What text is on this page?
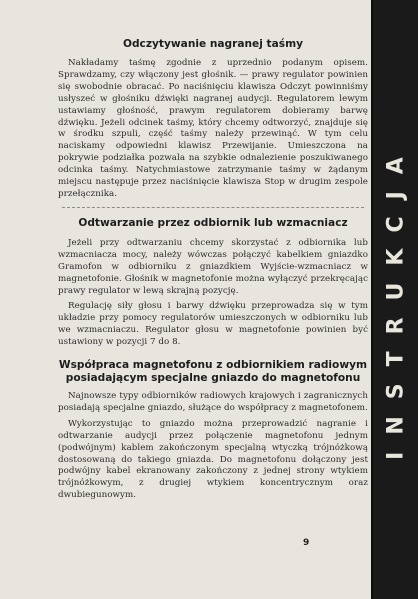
Odczytywanie nagranej taśmy

Nakładamy taśmę zgodnie z uprzednio podanym opisem. Sprawdzamy, czy włączony jest głośnik. — prawy regulator powinien się swobodnie obracać. Po naciśnięciu klawisza Odczyt powinniśmy usłyszeć w głośniku dźwięki nagranej audycji. Regulatorem lewym ustawiamy głośność, prawym regulatorem dobieramy barwę dźwięku. Jeżeli odcinek taśmy, który chcemy odtworzyć, znajduje się w środku szpuli, część taśmy należy przewinąć. W tym celu naciskamy odpowiedni klawisz Przewijanie. Umieszczona na pokrywie podziałka pozwala na szybkie odnalezienie poszukiwanego odcinka taśmy. Natychmiastowe zatrzymanie taśmy w żądanym miejscu następuje przez naciśnięcie klawisza Stop w drugim zespole przełącznika.

Odtwarzanie przez odbiornik lub wzmacniacz

Jeżeli przy odtwarzaniu chcemy skorzystać z odbiornika lub wzmacniacza mocy, należy wówczas połączyć kabelkiem gniazdko Gramofon w odbiorniku z gniazdkiem Wyjście-wzmacniacz w magnetofonie. Głośnik w magnetofonie można wyłączyć przekręcając prawy regulator w lewą skrajną pozycję.

Regulację siły głosu i barwy dźwięku przeprowadza się w tym układzie przy pomocy regulatorów umieszczonych w odbiorniku lub we wzmacniaczu. Regulator głosu w magnetofonie powinien być ustawiony w pozycji 7 do 8.

Współpraca magnetofonu z odbiornikiem radiowym posiadającym specjalne gniazdo do magnetofonu

Najnowsze typy odbiorników radiowych krajowych i zagranicznych posiadają specjalne gniazdo, służące do współpracy z magnetofonem.

Wykorzystując to gniazdo można przeprowadzić nagranie i odtwarzanie audycji przez połączenie magnetofonu jednym (podwójnym) kablem zakończonym specjalną wtyczką trójnóżkową dostosowaną do takiego gniazda. Do magnetofonu dołączony jest podwójny kabel ekranowany zakończony z jednej strony wtykiem trójnóżkowym, z drugiej wtykiem koncentrycznym oraz dwubiegunowym.

9
INSTRUKCJA
